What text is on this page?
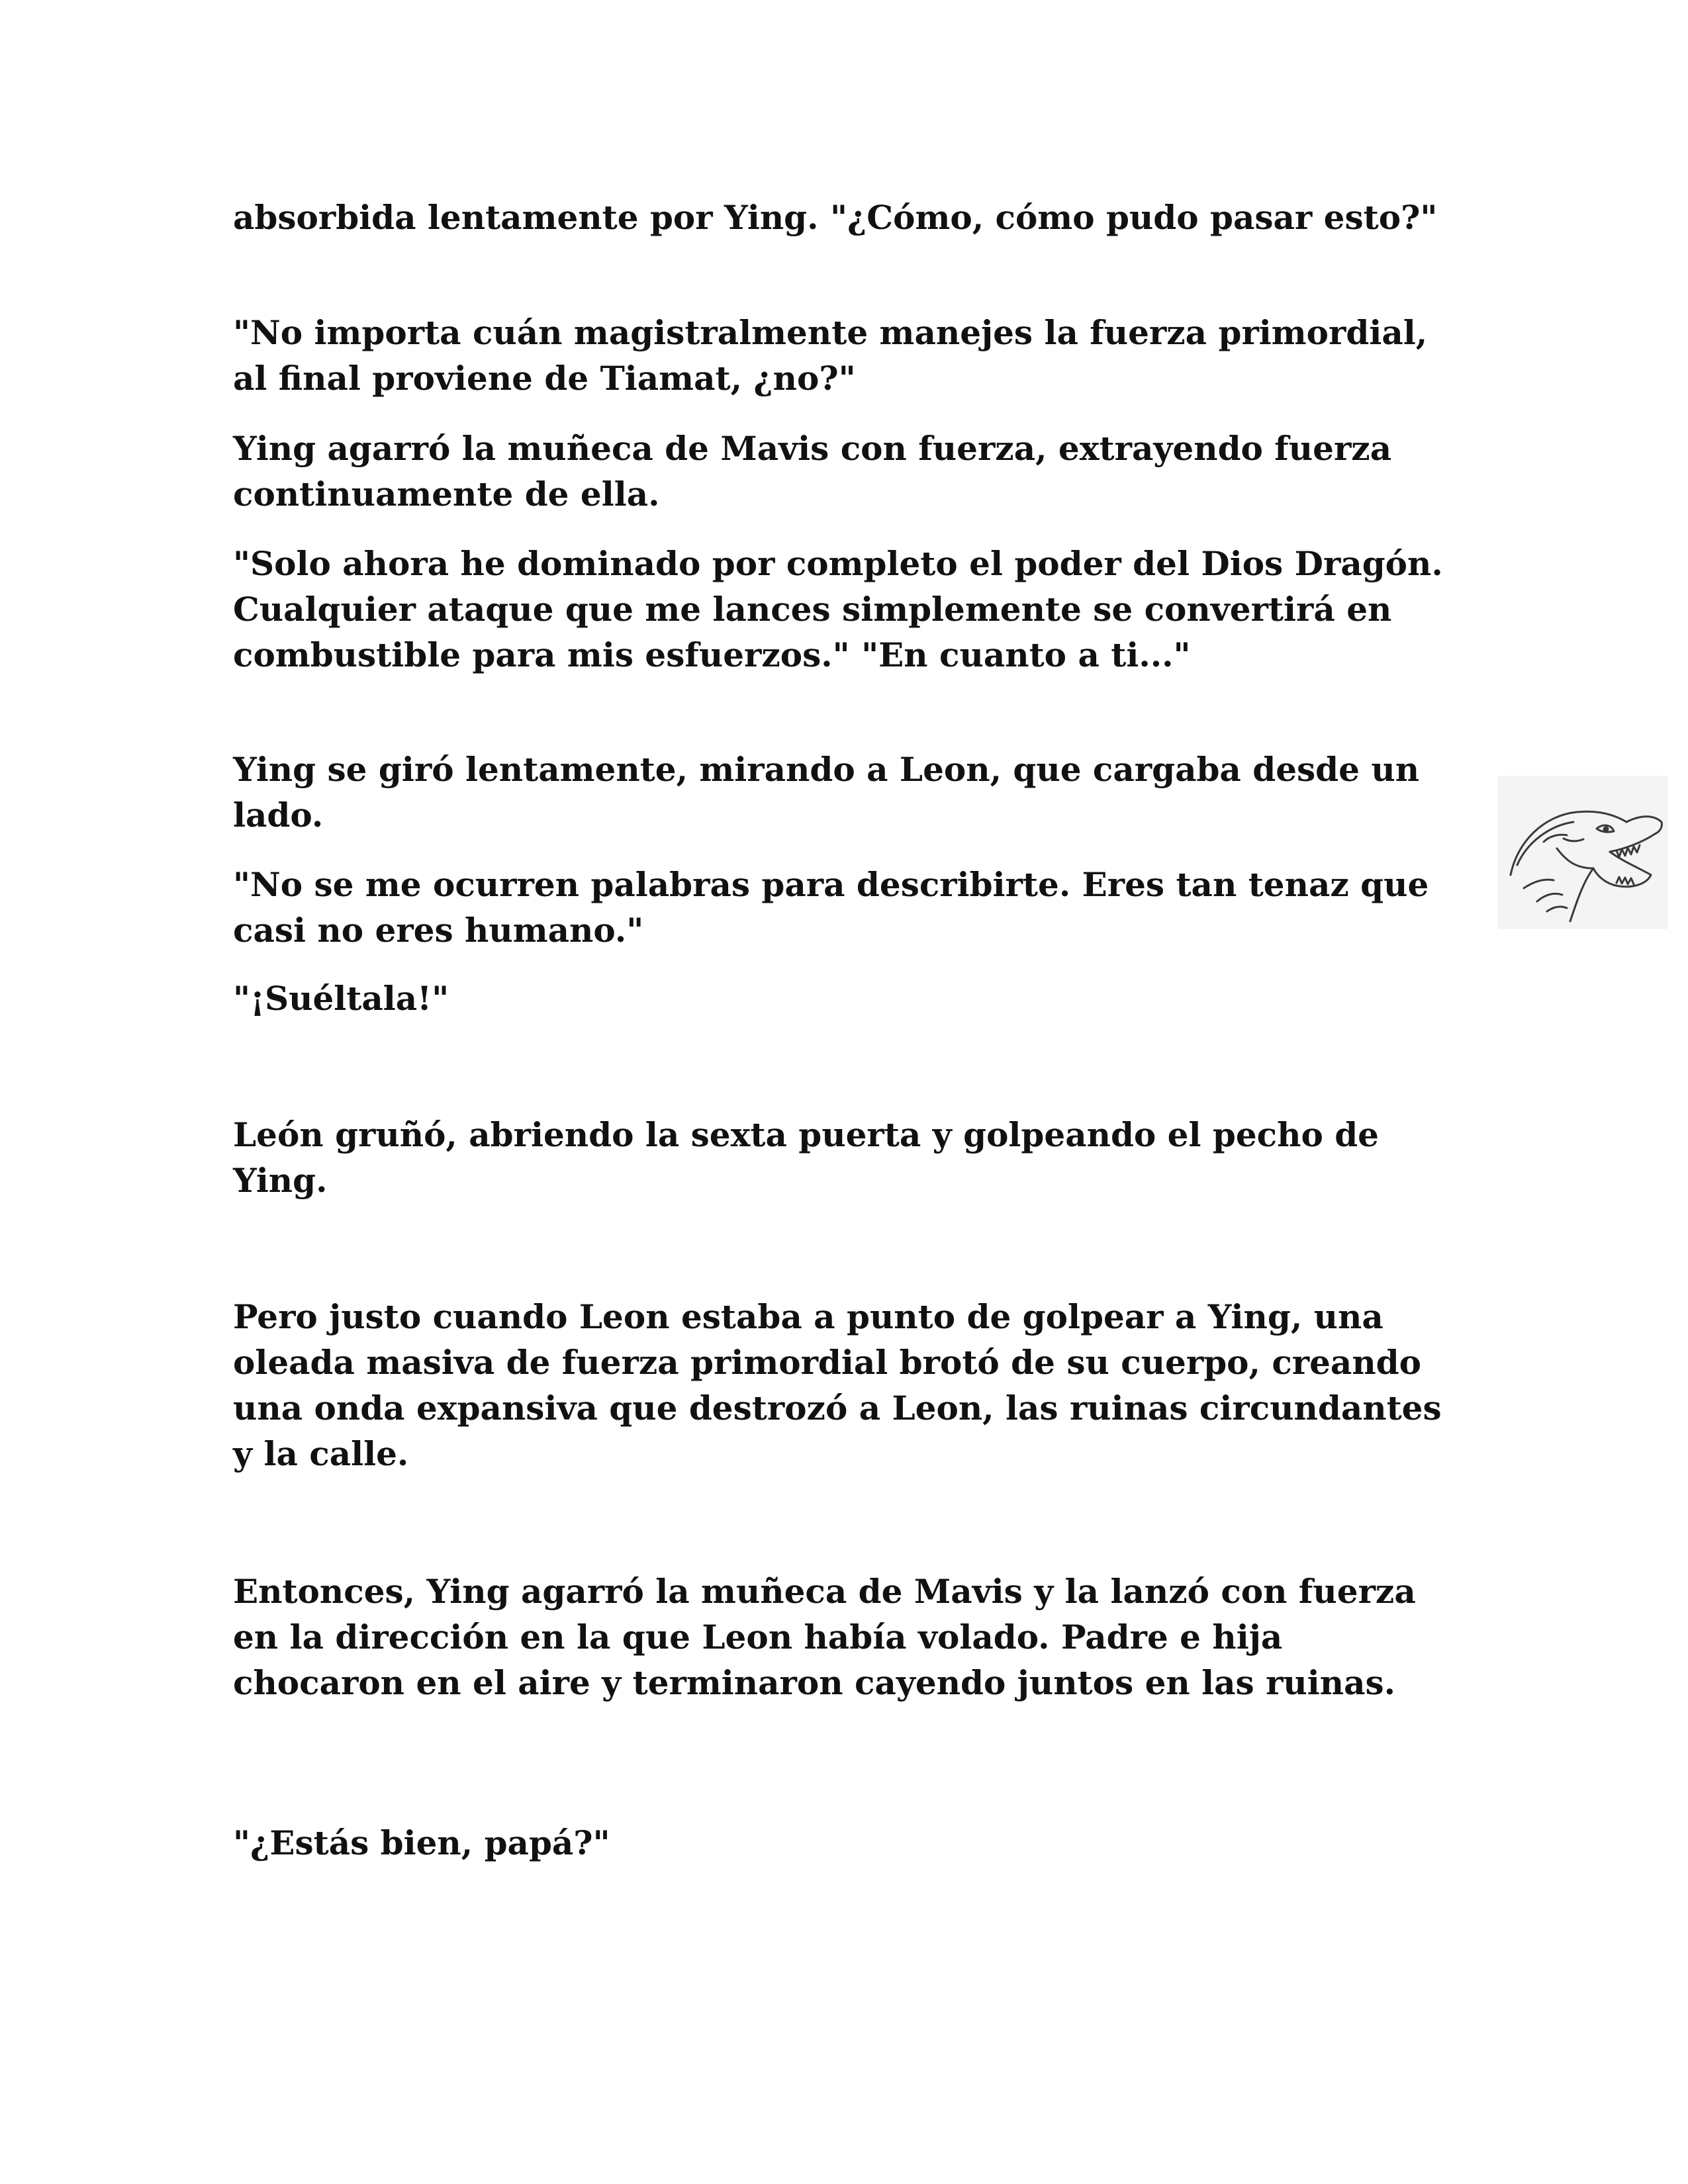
absorbida lentamente por Ying. "¿Cómo, cómo pudo pasar esto?"

"No importa cuán magistralmente manejes la fuerza primordial, al final proviene de Tiamat, ¿no?"

Ying agarró la muñeca de Mavis con fuerza, extrayendo fuerza continuamente de ella.

"Solo ahora he dominado por completo el poder del Dios Dragón. Cualquier ataque que me lances simplemente se convertirá en combustible para mis esfuerzos." "En cuanto a ti..."

Ying se giró lentamente, mirando a Leon, que cargaba desde un lado.

"No se me ocurren palabras para describirte. Eres tan tenaz que casi no eres humano."

"¡Suéltala!"

León gruñó, abriendo la sexta puerta y golpeando el pecho de Ying.

Pero justo cuando Leon estaba a punto de golpear a Ying, una oleada masiva de fuerza primordial brotó de su cuerpo, creando una onda expansiva que destrozó a Leon, las ruinas circundantes y la calle.

Entonces, Ying agarró la muñeca de Mavis y la lanzó con fuerza en la dirección en la que Leon había volado. Padre e hija chocaron en el aire y terminaron cayendo juntos en las ruinas.

"¿Estás bien, papá?"
